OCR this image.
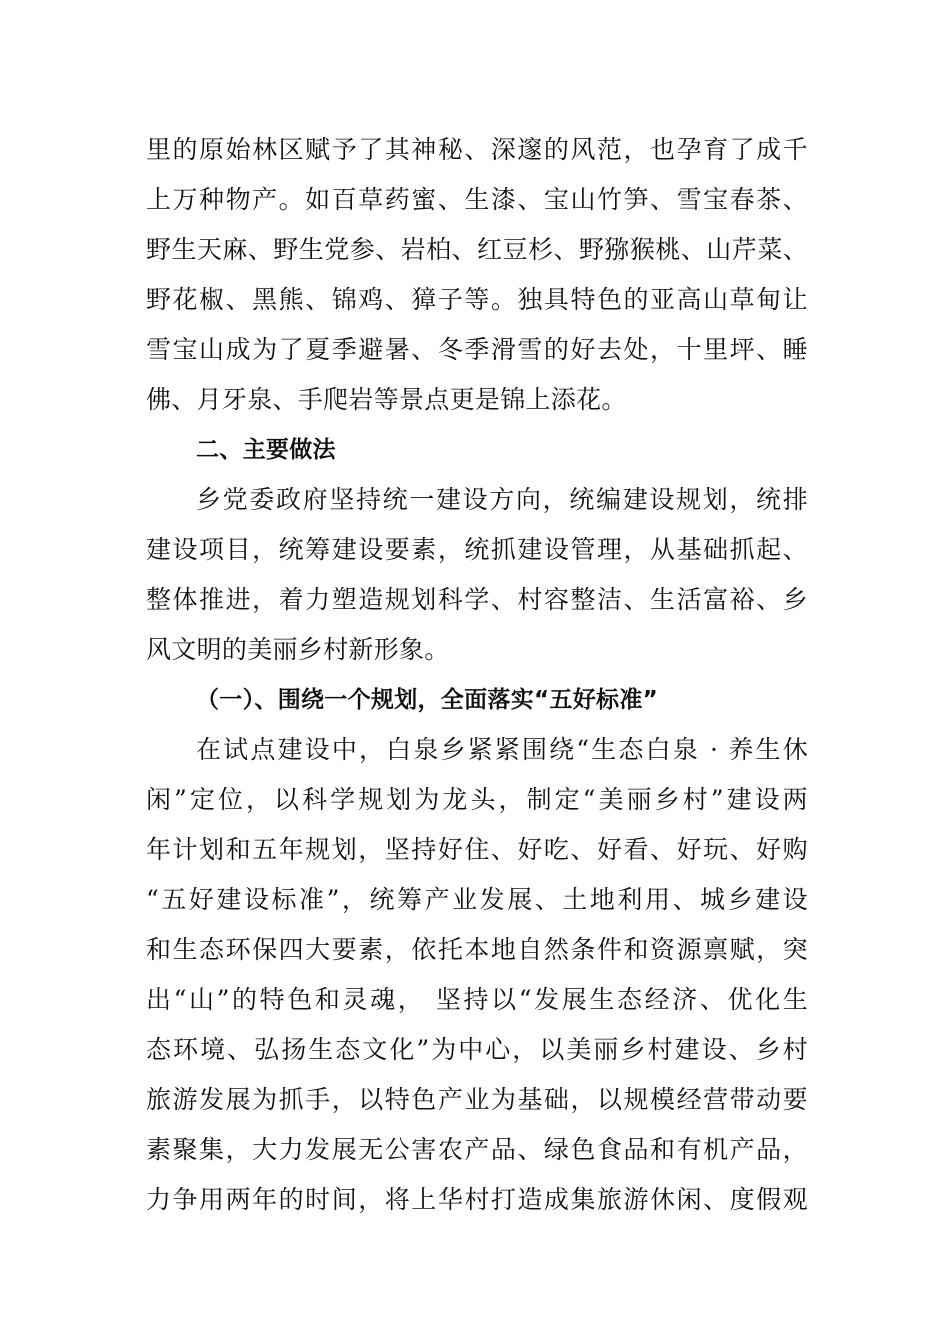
里的原始林区赋予了其神秘、深邃的风范，也孕育了成千
上万种物产。如百草药蜜、生漆、宝山竹笋、雪宝春茶、
野生天麻、野生党参、岩柏、红豆杉、野猕猴桃、山芹菜、
野花椒、黑熊、锦鸡、獐子等。独具特色的亚高山草甸让
雪宝山成为了夏季避暑、冬季滑雪的好去处，十里坪、睡
佛、月牙泉、手爬岩等景点更是锦上添花。
二、主要做法
乡党委政府坚持统一建设方向，统编建设规划，统排
建设项目，统筹建设要素，统抓建设管理，从基础抓起、
整体推进，着力塑造规划科学、村容整洁、生活富裕、乡
风文明的美丽乡村新形象。
（一）、围绕一个规划，全面落实“五好标准”
在试点建设中，白泉乡紧紧围绕“生态白泉 · 养生休
闲”定位，以科学规划为龙头，制定“美丽乡村”建设两
年计划和五年规划，坚持好住、好吃、好看、好玩、好购
“五好建设标准”，统筹产业发展、土地利用、城乡建设
和生态环保四大要素，依托本地自然条件和资源禀赋，突
出“山”的特色和灵魂， 坚持以“发展生态经济、优化生
态环境、弘扬生态文化”为中心，以美丽乡村建设、乡村
旅游发展为抓手，以特色产业为基础，以规模经营带动要
素聚集，大力发展无公害农产品、绿色食品和有机产品，
力争用两年的时间，将上华村打造成集旅游休闲、度假观
